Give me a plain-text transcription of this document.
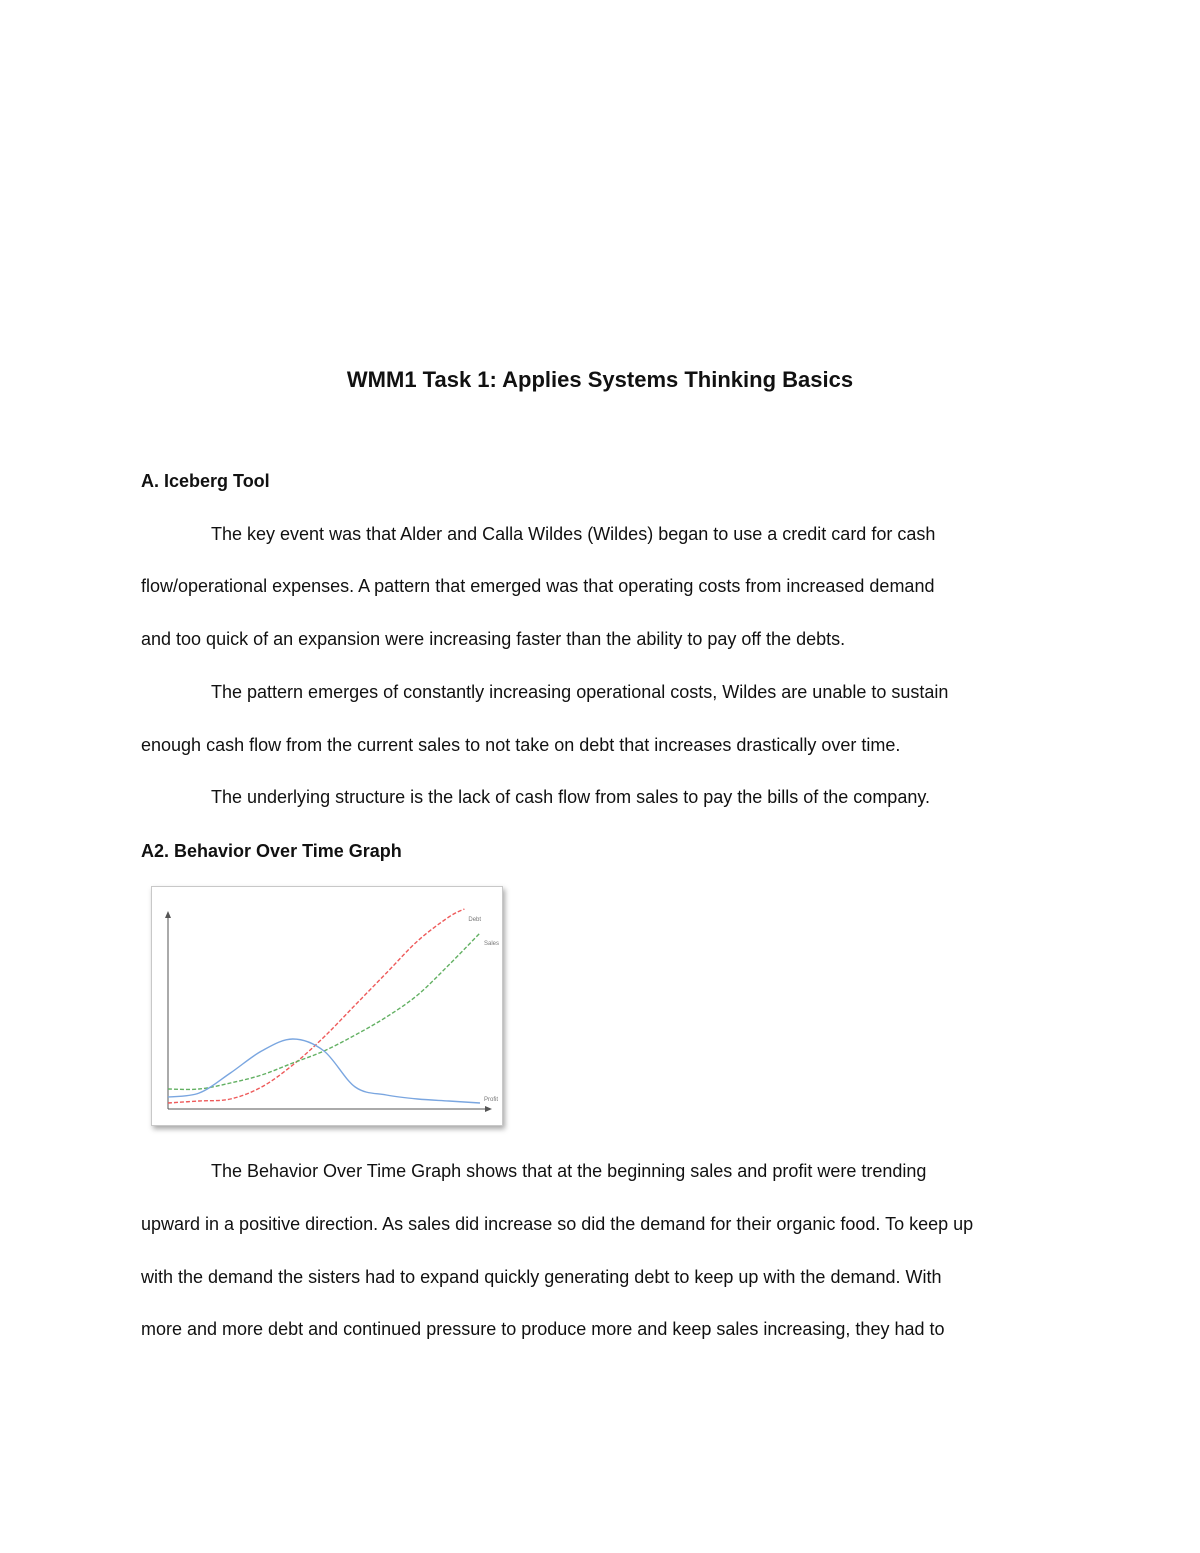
WMM1 Task 1: Applies Systems Thinking Basics
A. Iceberg Tool
The key event was that Alder and Calla Wildes (Wildes) began to use a credit card for cash
flow/operational expenses. A pattern that emerged was that operating costs from increased demand
and too quick of an expansion were increasing faster than the ability to pay off the debts.
The pattern emerges of constantly increasing operational costs, Wildes are unable to sustain
enough cash flow from the current sales to not take on debt that increases drastically over time.
The underlying structure is the lack of cash flow from sales to pay the bills of the company.
A2. Behavior Over Time Graph
Debt
Sales
Profit
The Behavior Over Time Graph shows that at the beginning sales and profit were trending
upward in a positive direction. As sales did increase so did the demand for their organic food. To keep up
with the demand the sisters had to expand quickly generating debt to keep up with the demand. With
more and more debt and continued pressure to produce more and keep sales increasing, they had to
